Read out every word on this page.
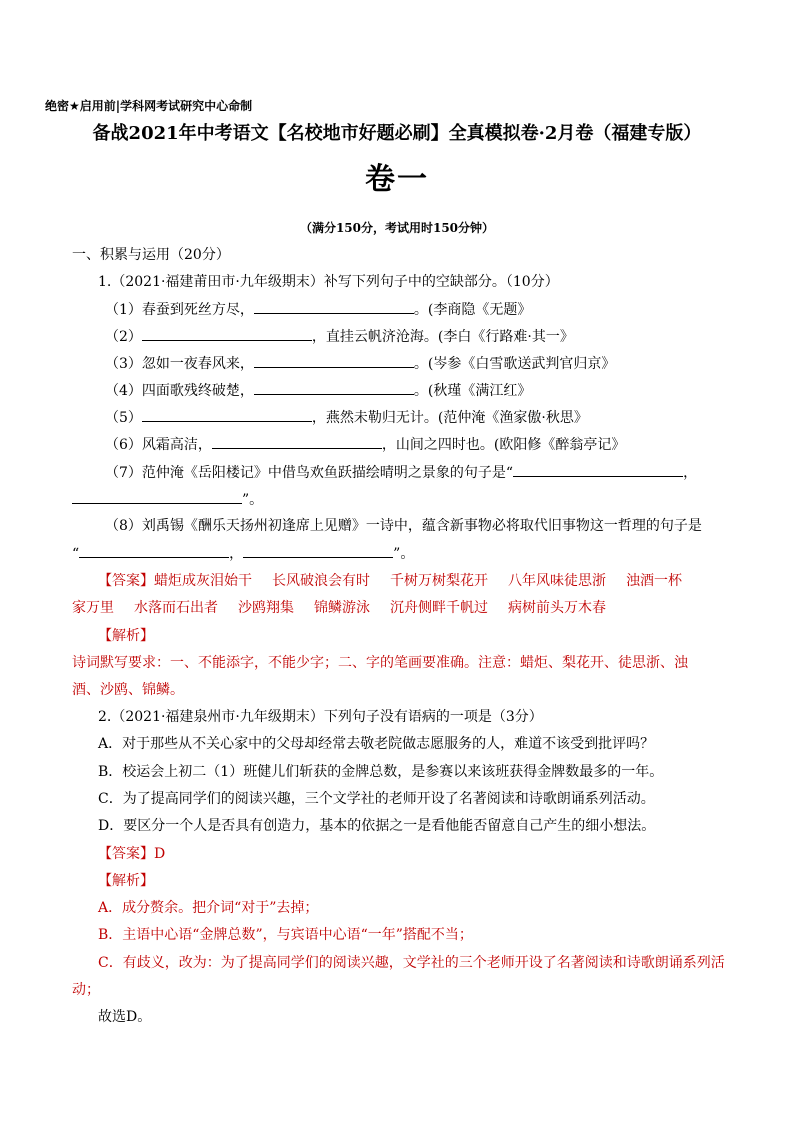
绝密★启用前|学科网考试研究中心命制
备战2021年中考语文【名校地市好题必刷】全真模拟卷·2月卷（福建专版）
卷一
（满分150分，考试用时150分钟）
一、积累与运用（20分）
1.（2021·福建莆田市·九年级期末）补写下列句子中的空缺部分。（10分）
（1）春蚕到死丝方尽，	。(李商隐《无题》
（2）	，直挂云帆济沧海。(李白《行路难·其一》
（3）忽如一夜春风来，	。(岑参《白雪歌送武判官归京》
（4）四面歌残终破楚，	。(秋瑾《满江红》
（5）	，燕然未勒归无计。(范仲淹《渔家傲·秋思》
（6）风霜高洁，	，山间之四时也。(欧阳修《醉翁亭记》
（7）范仲淹《岳阳楼记》中借鸟欢鱼跃描绘晴明之景象的句子是“	，
”。
（8）刘禹锡《酬乐天扬州初逢席上见赠》一诗中，蕴含新事物必将取代旧事物这一哲理的句子是
“	，	”。
【答案】蜡炬成灰泪始干 长风破浪会有时 千树万树梨花开 八年风味徒思浙 浊酒一杯
家万里 水落而石出者 沙鸥翔集 锦鳞游泳 沉舟侧畔千帆过 病树前头万木春
【解析】
诗词默写要求：一、不能添字，不能少字；二、字的笔画要准确。注意：蜡炬、梨花开、徒思浙、浊
酒、沙鸥、锦鳞。
2.（2021·福建泉州市·九年级期末）下列句子没有语病的一项是（3分）
A．对于那些从不关心家中的父母却经常去敬老院做志愿服务的人，难道不该受到批评吗？
B．校运会上初二（1）班健儿们斩获的金牌总数，是参赛以来该班获得金牌数最多的一年。
C．为了提高同学们的阅读兴趣，三个文学社的老师开设了名著阅读和诗歌朗诵系列活动。
D．要区分一个人是否具有创造力，基本的依据之一是看他能否留意自己产生的细小想法。
【答案】D
【解析】
A．成分赘余。把介词“对于”去掉；
B．主语中心语“金牌总数”，与宾语中心语“一年”搭配不当；
C．有歧义，改为：为了提高同学们的阅读兴趣，文学社的三个老师开设了名著阅读和诗歌朗诵系列活
动；
故选D。
